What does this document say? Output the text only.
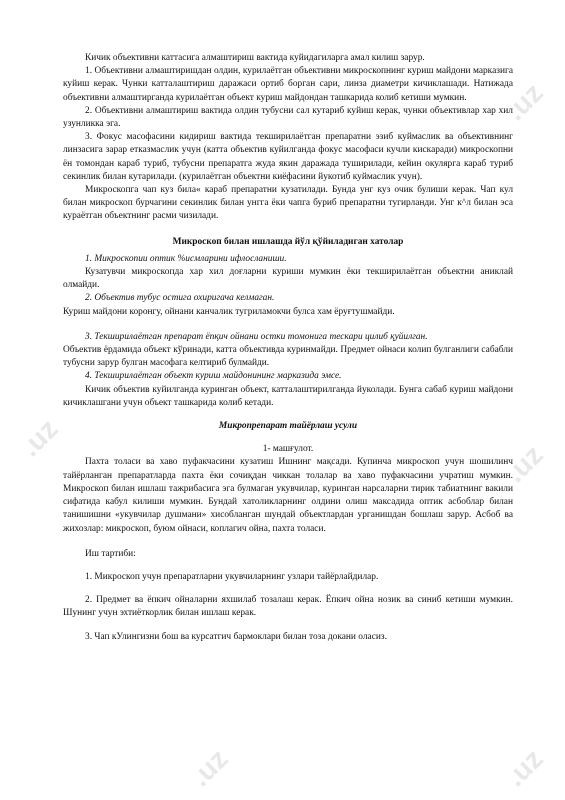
.uz
.uz
.uz
.uz	.uz

Кичик объективни каттасига алмаштириш вактида куйидагиларга амал килиш зарур.

1. Объективни алмаштиришдан олдин, курилаётган объективни микроскопнинг куриш майдони марказига куйиш керак. Чунки катталаштириш даражаси ортиб борган сари, линза диаметри кичиклашади. Натижада объективни алмаштирганда курилаётган объект куриш майдондан ташкарида колиб кетиши мумкин.

2. Объективни алмаштириш вактида олдин тубусни сал кутариб куйиш керак, чунки объективлар хар хил узунликка эга.

3. Фокус масофасини кидириш вактида текширилаётган препаратни эзиб куймаслик ва объективнинг линзасига зарар етказмаслик учун (катта объектив куйилганда фокус масофаси кучли кискаради) микроскопни ён томондан караб туриб, тубусни препаратга жуда якин даражада туширилади, кейин окулярга караб туриб секинлик билан кутарилади. (курилаётган объектни киёфасини йукотиб куймаслик учун).

Микроскопга чап куз била« караб препаратни кузатилади. Бунда унг куз очик булиши керак. Чап кул билан микроскоп бурчагини секинлик билан унгга ёки чапга буриб препаратни тугирланди. Унг к^л билан эса кураётган объектнинг расми чизилади.

Микроскоп билан ишлашда йўл қўйиладиган хатолар

1. Микроскопии оптик %исмларини ифлосланиши.

Кузатувчи микроскопда хар хил доғларни куриши мумкин ёки текширилаётган объектни аниклай олмайди.

2. Объектив тубус остига охиригача келмаган.

Куриш майдони коронгу, ойнани канчалик тугриламокчи булса хам ёруғтушмайди.

3. Текширилаётган препарат ёпқич ойнани остки томонига тескари цилиб қуйилган.

Объектив ёрдамида объект кўринади, катта объективда куринмайди. Предмет ойнаси колип булганлиги сабабли тубусни зарур булган масофага келтириб булмайди.

4. Текширилаётган объект куриш майдонининг марказида эмсе.

Кичик объектив куйилганда куринган объект, катталаштирилганда йуколади. Бунга сабаб куриш майдони кичиклашгани учун объект ташкарида колиб кетади.

Микропрепарат тайёрлаш усули

1- машғулот.

Пахта толаси ва хаво пуфакчасини кузатиш Ишнинг мақсади. Купинча микроскоп учун шошилинч тайёрланган препаратларда пахта ёки сочиқдан чиккан толалар ва хаво пуфакчасини учратиш мумкин. Микроскоп билан ишлаш тажрибасига эга булмаган укувчилар, куринган нарсаларни тирик табиатнинг вакили сифатида кабул килиши мумкин. Бундай хатоликларнинг олдини олиш максадида оптик асбоблар билан танишишни «укувчилар душмани» хисобланган шундай объектлардан урганишдан бошлаш зарур. Асбоб ва жихозлар: микроскоп, буюм ойнаси, коплагич ойна, пахта толаси.

Иш тартиби:

1. Микроскоп учун препаратларни укувчиларнинг узлари тайёрлайдилар.

2. Предмет ва ёпкич ойналарни яхшилаб тозалаш керак. Ёпкич ойна нозик ва синиб кетиши мумкин. Шунинг учун эхтиёткорлик билан ишлаш керак.

3. Чап кУлингизни бош ва курсатгич бармоклари билан тоза докани оласиз.
